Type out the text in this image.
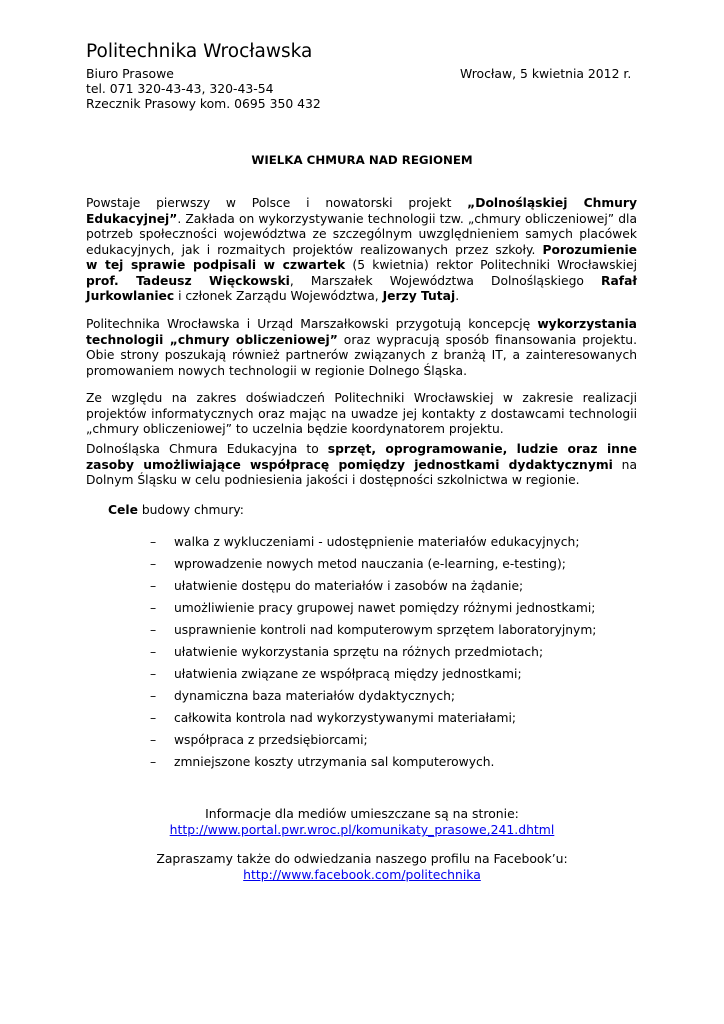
Politechnika Wrocławska
Biuro Prasowe
tel. 071 320-43-43, 320-43-54
Rzecznik Prasowy kom. 0695 350 432
Wrocław, 5 kwietnia 2012 r.
WIELKA CHMURA NAD REGIONEM
Powstaje pierwszy w Polsce i nowatorski projekt „Dolnośląskiej Chmury
Edukacyjnej”. Zakłada on wykorzystywanie technologii tzw. „chmury obliczeniowej” dla
potrzeb społeczności województwa ze szczególnym uwzględnieniem samych placówek
edukacyjnych, jak i rozmaitych projektów realizowanych przez szkoły. Porozumienie
w tej sprawie podpisali w czwartek (5 kwietnia) rektor Politechniki Wrocławskiej
prof. Tadeusz Więckowski, Marszałek Województwa Dolnośląskiego Rafał
Jurkowlaniec i członek Zarządu Województwa, Jerzy Tutaj.
Politechnika Wrocławska i Urząd Marszałkowski przygotują koncepcję wykorzystania
technologii „chmury obliczeniowej” oraz wypracują sposób finansowania projektu.
Obie strony poszukają również partnerów związanych z branżą IT, a zainteresowanych
promowaniem nowych technologii w regionie Dolnego Śląska.
Ze względu na zakres doświadczeń Politechniki Wrocławskiej w zakresie realizacji
projektów informatycznych oraz mając na uwadze jej kontakty z dostawcami technologii
„chmury obliczeniowej” to uczelnia będzie koordynatorem projektu.
Dolnośląska Chmura Edukacyjna to sprzęt, oprogramowanie, ludzie oraz inne
zasoby umożliwiające współpracę pomiędzy jednostkami dydaktycznymi na
Dolnym Śląsku w celu podniesienia jakości i dostępności szkolnictwa w regionie.
Cele budowy chmury:
– walka z wykluczeniami - udostępnienie materiałów edukacyjnych;
– wprowadzenie nowych metod nauczania (e-learning, e-testing);
– ułatwienie dostępu do materiałów i zasobów na żądanie;
– umożliwienie pracy grupowej nawet pomiędzy różnymi jednostkami;
– usprawnienie kontroli nad komputerowym sprzętem laboratoryjnym;
– ułatwienie wykorzystania sprzętu na różnych przedmiotach;
– ułatwienia związane ze współpracą między jednostkami;
– dynamiczna baza materiałów dydaktycznych;
– całkowita kontrola nad wykorzystywanymi materiałami;
– współpraca z przedsiębiorcami;
– zmniejszone koszty utrzymania sal komputerowych.
Informacje dla mediów umieszczane są na stronie:
http://www.portal.pwr.wroc.pl/komunikaty_prasowe,241.dhtml
Zapraszamy także do odwiedzania naszego profilu na Facebook’u:
http://www.facebook.com/politechnika
